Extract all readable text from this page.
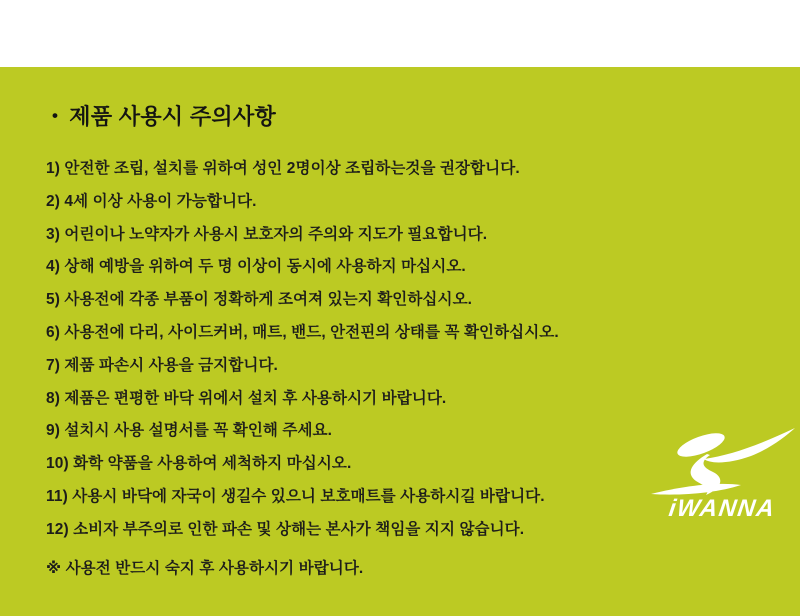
• 제품 사용시 주의사항
1) 안전한 조립, 설치를 위하여 성인 2명이상 조립하는것을 권장합니다.
2) 4세 이상 사용이 가능합니다.
3) 어린이나 노약자가 사용시 보호자의 주의와 지도가 필요합니다.
4) 상해 예방을 위하여 두 명 이상이 동시에 사용하지 마십시오.
5) 사용전에 각종 부품이 정확하게 조여져 있는지 확인하십시오.
6) 사용전에 다리, 사이드커버, 매트, 밴드, 안전핀의 상태를 꼭 확인하십시오.
7) 제품 파손시 사용을 금지합니다.
8) 제품은 편평한 바닥 위에서 설치 후 사용하시기 바랍니다.
9) 설치시 사용 설명서를 꼭 확인해 주세요.
10) 화학 약품을 사용하여 세척하지 마십시오.
11) 사용시 바닥에 자국이 생길수 있으니 보호매트를 사용하시길 바랍니다.
12) 소비자 부주의로 인한 파손 및 상해는 본사가 책임을 지지 않습니다.
※ 사용전 반드시 숙지 후 사용하시기 바랍니다.
iWANNA
